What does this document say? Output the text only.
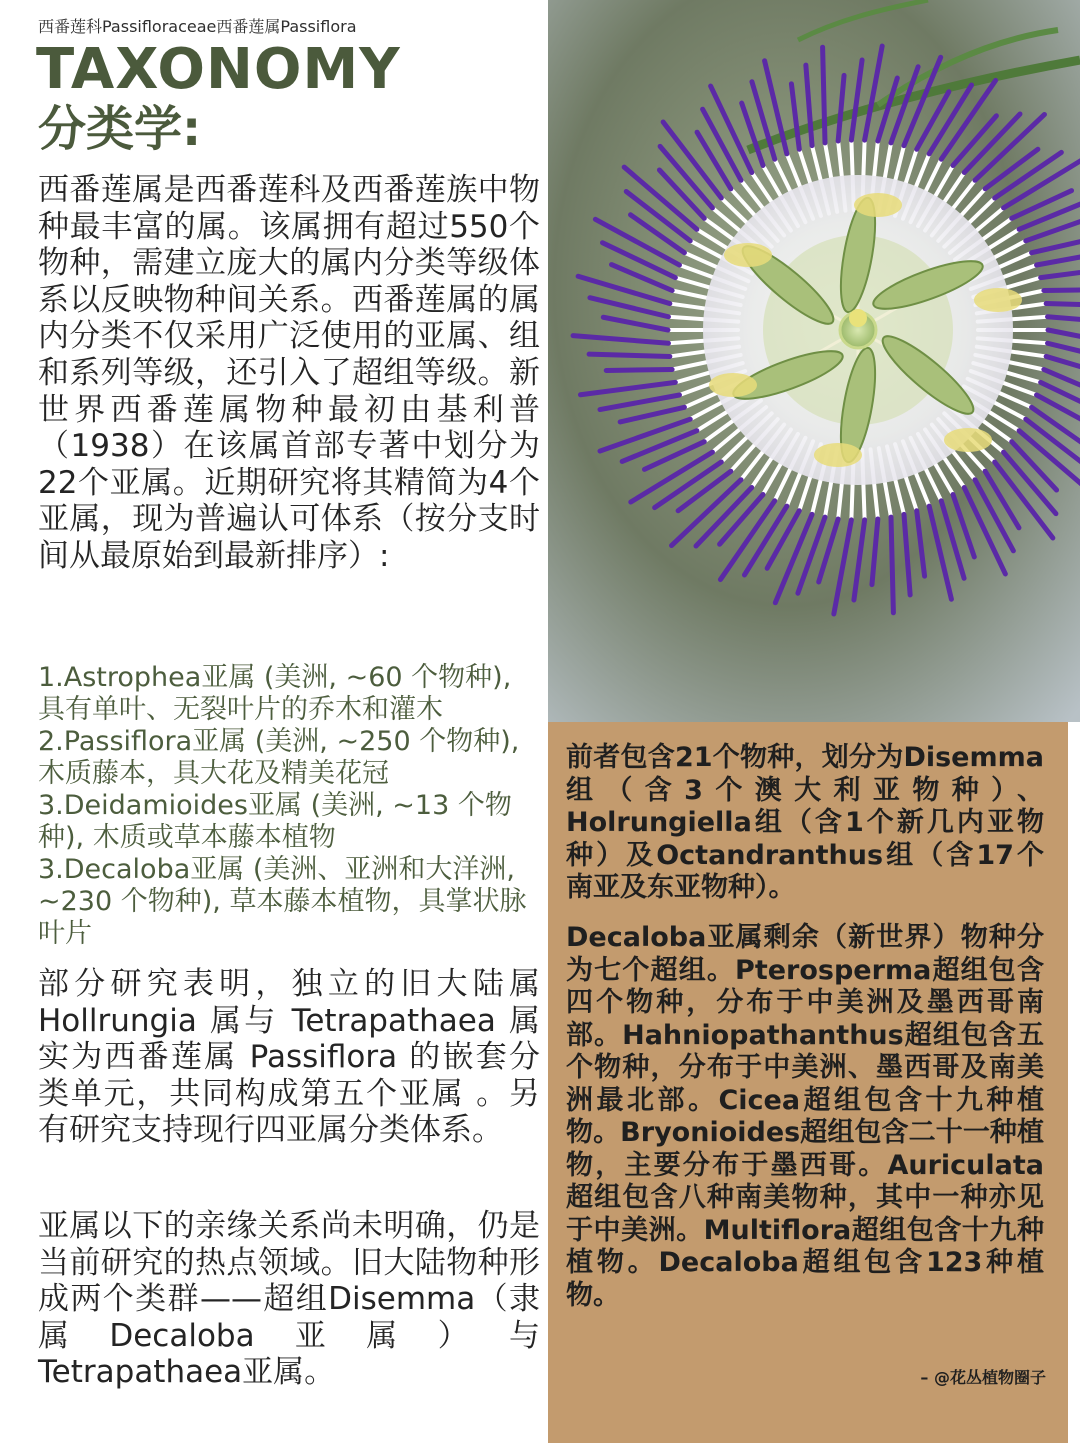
西番莲科Passifloraceae西番莲属Passiflora
TAXONOMY
分类学:
西番莲属是西番莲科及西番莲族中物种最丰富的属。该属拥有超过550个物种，需建立庞大的属内分类等级体系以反映物种间关系。西番莲属的属内分类不仅采用广泛使用的亚属、组和系列等级，还引入了超组等级。新世界西番莲属物种最初由基利普（1938）在该属首部专著中划分为22个亚属。近期研究将其精简为4个亚属，现为普遍认可体系（按分支时间从最原始到最新排序）:
1.Astrophea亚属 (美洲, ~60 个物种), 具有单叶、无裂叶片的乔木和灌木
2.Passiflora亚属 (美洲, ~250 个物种), 木质藤本，具大花及精美花冠
3.Deidamioides亚属 (美洲, ~13 个物种), 木质或草本藤本植物
3.Decaloba亚属 (美洲、亚洲和大洋洲, ~230 个物种), 草本藤本植物，具掌状脉叶片
部分研究表明，独立的旧大陆属Hollrungia 属与 Tetrapathaea 属实为西番莲属 Passiflora 的嵌套分类单元，共同构成第五个亚属 。另有研究支持现行四亚属分类体系。
亚属以下的亲缘关系尚未明确，仍是当前研究的热点领域。旧大陆物种形成两个类群——超组Disemma（隶属Decaloba亚属）与Tetrapathaea亚属。
前者包含21个物种，划分为Disemma组（含3个澳大利亚物种）、Holrungiella组（含1个新几内亚物种）及Octandranthus组（含17个南亚及东亚物种）。
Decaloba亚属剩余（新世界）物种分为七个超组。Pterosperma超组包含四个物种，分布于中美洲及墨西哥南部。Hahniopathanthus超组包含五个物种，分布于中美洲、墨西哥及南美洲最北部。Cicea超组包含十九种植物。Bryonioides超组包含二十一种植物，主要分布于墨西哥。Auriculata超组包含八种南美物种，其中一种亦见于中美洲。Multiflora超组包含十九种植物。Decaloba超组包含123种植物。
– @花丛植物圈子
